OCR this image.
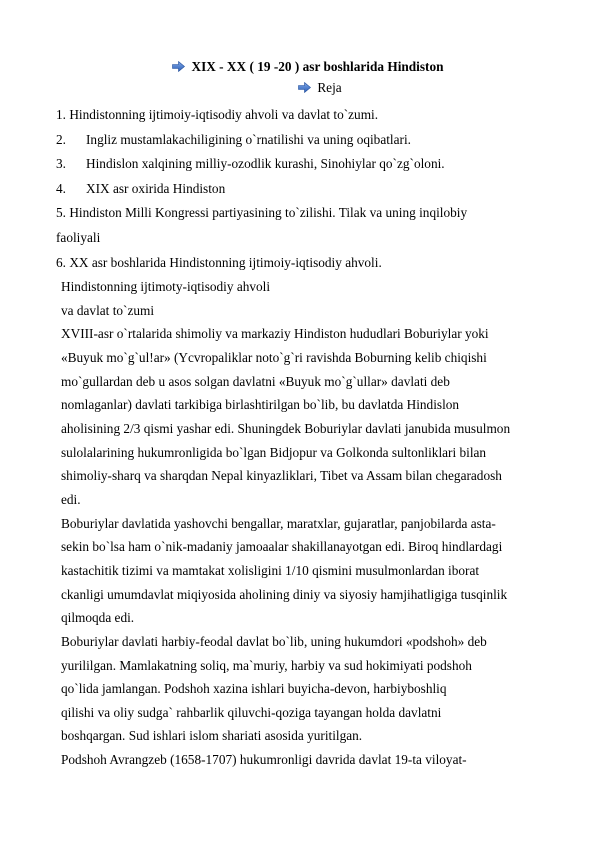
XIX - XX ( 19 -20 ) asr boshlarida Hindiston
Reja
1. Hindistonning ijtimoiy-iqtisodiy ahvoli va davlat to`zumi.
2. Ingliz mustamlakachiligining o`rnatilishi va uning oqibatlari.
3. Hindislon xalqining milliy-ozodlik kurashi, Sinohiylar qo`zg`oloni.
4. XIX asr oxirida Hindiston
5. Hindiston Milli Kongressi partiyasining to`zilishi. Tilak va uning inqilobiy
faoliyali
6. XX asr boshlarida Hindistonning ijtimoiy-iqtisodiy ahvoli.
Hindistonning ijtimoty-iqtisodiy ahvoli
va davlat to`zumi
XVIII-asr o`rtalarida shimoliy va markaziy Hindiston hududlari Boburiylar yoki
«Buyuk mo`g`ul!ar» (Ycvropaliklar noto`g`ri ravishda Boburning kelib chiqishi
mo`gullardan deb u asos solgan davlatni «Buyuk mo`g`ullar» davlati deb
nomlaganlar) davlati tarkibiga birlashtirilgan bo`lib, bu davlatda Hindislon
aholisining 2/3 qismi yashar edi. Shuningdek Boburiylar davlati janubida musulmon
sulolalarining hukumronligida bo`lgan Bidjopur va Golkonda sultonliklari bilan
shimoliy-sharq va sharqdan Nepal kinyazliklari, Tibet va Assam bilan chegaradosh
edi.
Boburiylar davlatida yashovchi bengallar, maratxlar, gujaratlar, panjobilarda asta-
sekin bo`lsa ham o`nik-madaniy jamoaalar shakillanayotgan edi. Biroq hindlardagi
kastachitik tizimi va mamtakat xolisligini 1/10 qismini musulmonlardan iborat
ckanligi umumdavlat miqiyosida aholining diniy va siyosiy hamjihatligiga tusqinlik
qilmoqda edi.
Boburiylar davlati harbiy-feodal davlat bo`lib, uning hukumdori «podshoh» deb
yurililgan. Mamlakatning soliq, ma`muriy, harbiy va sud hokimiyati podshoh
qo`lida jamlangan. Podshoh xazina ishlari buyicha-devon, harbiyboshliq
qilishi va oliy sudga` rahbarlik qiluvchi-qoziga tayangan holda davlatni
boshqargan. Sud ishlari islom shariati asosida yuritilgan.
Podshoh Avrangzeb (1658-1707) hukumronligi davrida davlat 19-ta viloyat-
